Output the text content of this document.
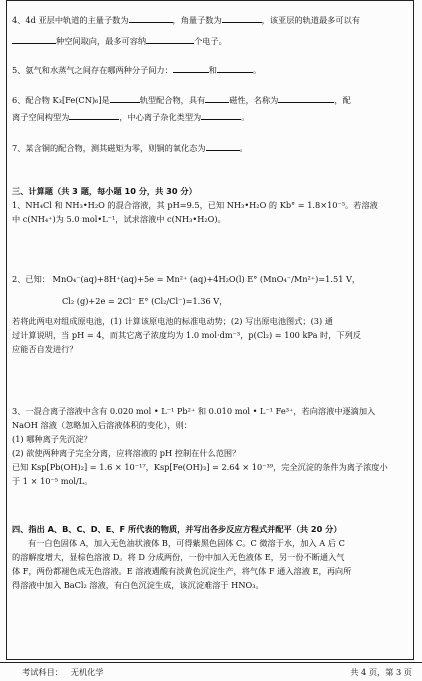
4、4d 亚层中轨道的主量子数为	，角量子数为	，该亚层的轨道最多可以有

种空间取向，最多可容纳	个电子。

5、氨气和水蒸气之间存在哪两种分子间力：	和	。

6、配合物 K₃[Fe(CN)₆]是	轨型配合物，具有	磁性，名称为	，配

离子空间构型为	，中心离子杂化类型为	。

7、某含铜的配合物，测其磁矩为零，则铜的氧化态为	。

三、计算题（共 3 题，每小题 10 分，共 30 分）

1、NH₄Cl 和 NH₃•H₂O 的混合溶液，其 pH=9.5，已知 NH₃•H₂O 的 Kb° = 1.8×10⁻⁵。若溶液

中 c(NH₄⁺)为 5.0 mol•L⁻¹，试求溶液中 c(NH₃•H₂O)。

2、已知： MnO₄⁻(aq)+8H⁺(aq)+5e = Mn²⁺ (aq)+4H₂O(l) E° (MnO₄⁻/Mn²⁺)=1.51 V，

Cl₂ (g)+2e = 2Cl⁻ E° (Cl₂/Cl⁻)=1.36 V，

若将此两电对组成原电池，(1) 计算该原电池的标准电动势；(2) 写出原电池图式；(3) 通

过计算说明，当 pH = 4，而其它离子浓度均为 1.0 mol·dm⁻³，p(Cl₂) = 100 kPa 时，下列反

应能否自发进行？

3、一混合离子溶液中含有 0.020 mol • L⁻¹ Pb²⁺ 和 0.010 mol • L⁻¹ Fe³⁺，若向溶液中逐滴加入

NaOH 溶液（忽略加入后溶液体积的变化），则：

(1) 哪种离子先沉淀？

(2) 欲使两种离子完全分离，应将溶液的 pH 控制在什么范围？

已知 Ksp[Pb(OH)₂] = 1.6 × 10⁻¹⁷，Ksp[Fe(OH)₃] = 2.64 × 10⁻³⁹，完全沉淀的条件为离子浓度小

于 1 × 10⁻⁵ mol/L。

四、指出 A、B、C、D、E、F 所代表的物质，并写出各步反应方程式并配平（共 20 分）

有一白色固体 A，加入无色油状液体 B，可得紫黑色固体 C。C 微溶于水，加入 A 后 C

的溶解度增大，显棕色溶液 D。将 D 分成两份，一份中加入无色液体 E，另一份不断通入气

体 F，两份都褪色成无色溶液。E 溶液遇酸有淡黄色沉淀生产，将气体 F 通入溶液 E，再向所

得溶液中加入 BaCl₂ 溶液，有白色沉淀生成，该沉淀难溶于 HNO₃。

考试科目： 无机化学	共 4 页，第 3 页
